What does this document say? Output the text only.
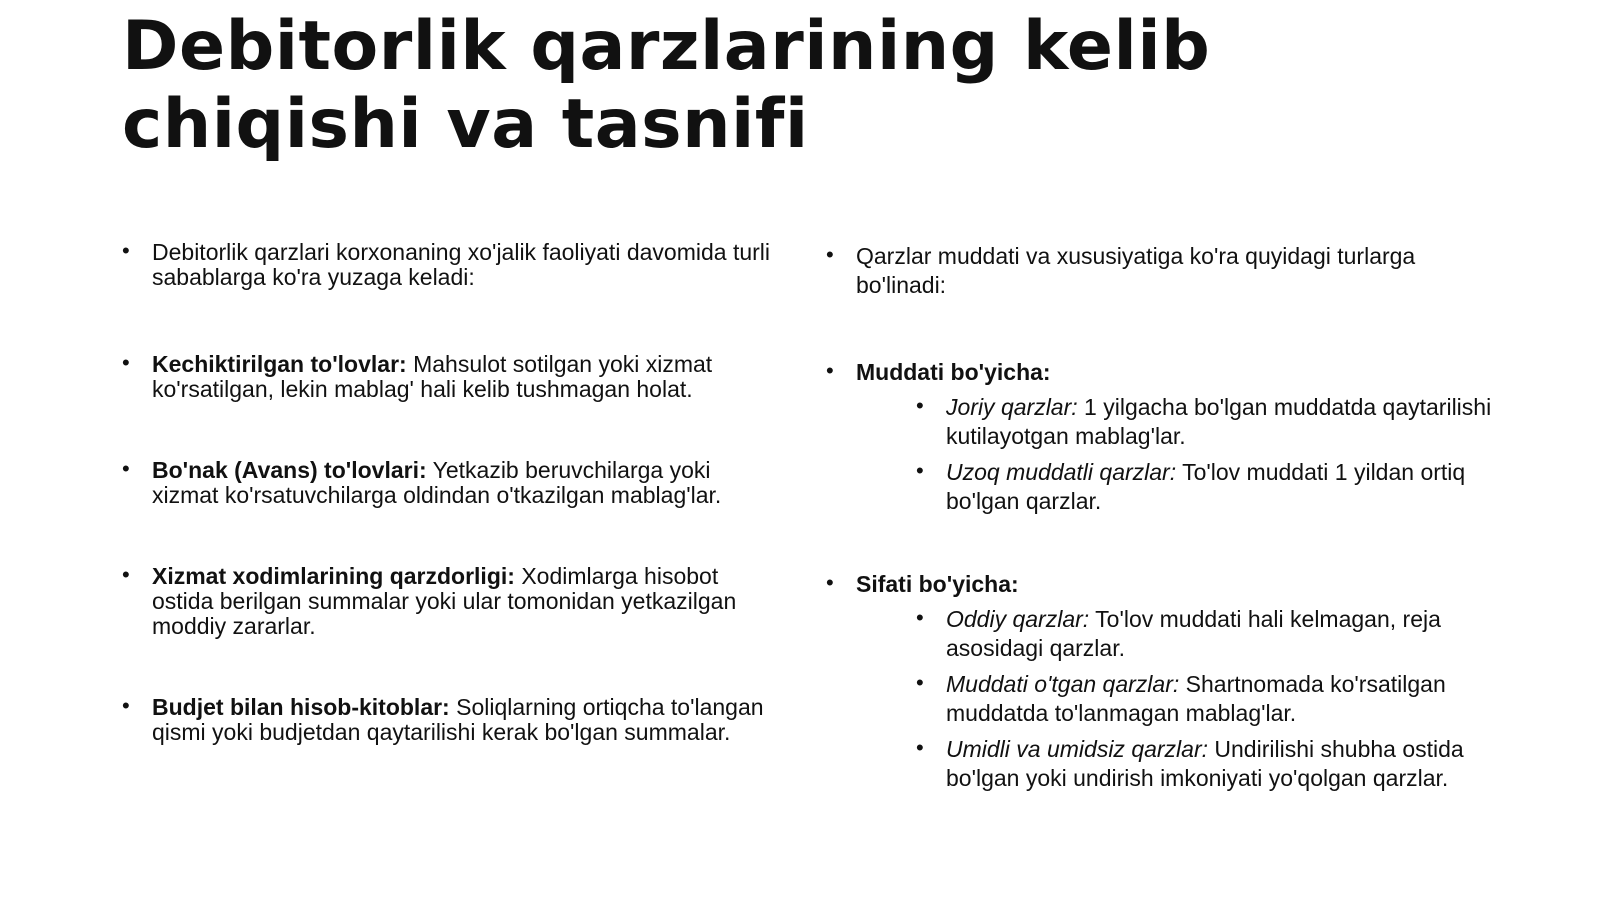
Debitorlik qarzlarining kelib chiqishi va tasnifi
• Debitorlik qarzlari korxonaning xo'jalik faoliyati davomida turli sabablarga ko'ra yuzaga keladi:
• Kechiktirilgan to'lovlar: Mahsulot sotilgan yoki xizmat ko'rsatilgan, lekin mablag' hali kelib tushmagan holat.
• Bo'nak (Avans) to'lovlari: Yetkazib beruvchilarga yoki xizmat ko'rsatuvchilarga oldindan o'tkazilgan mablag'lar.
• Xizmat xodimlarining qarzdorligi: Xodimlarga hisobot ostida berilgan summalar yoki ular tomonidan yetkazilgan moddiy zararlar.
• Budjet bilan hisob-kitoblar: Soliqlarning ortiqcha to'langan qismi yoki budjetdan qaytarilishi kerak bo'lgan summalar.
• Qarzlar muddati va xususiyatiga ko'ra quyidagi turlarga bo'linadi:
• Muddati bo'yicha:
• Joriy qarzlar: 1 yilgacha bo'lgan muddatda qaytarilishi kutilayotgan mablag'lar.
• Uzoq muddatli qarzlar: To'lov muddati 1 yildan ortiq bo'lgan qarzlar.
• Sifati bo'yicha:
• Oddiy qarzlar: To'lov muddati hali kelmagan, reja asosidagi qarzlar.
• Muddati o'tgan qarzlar: Shartnomada ko'rsatilgan muddatda to'lanmagan mablag'lar.
• Umidli va umidsiz qarzlar: Undirilishi shubha ostida bo'lgan yoki undirish imkoniyati yo'qolgan qarzlar.
